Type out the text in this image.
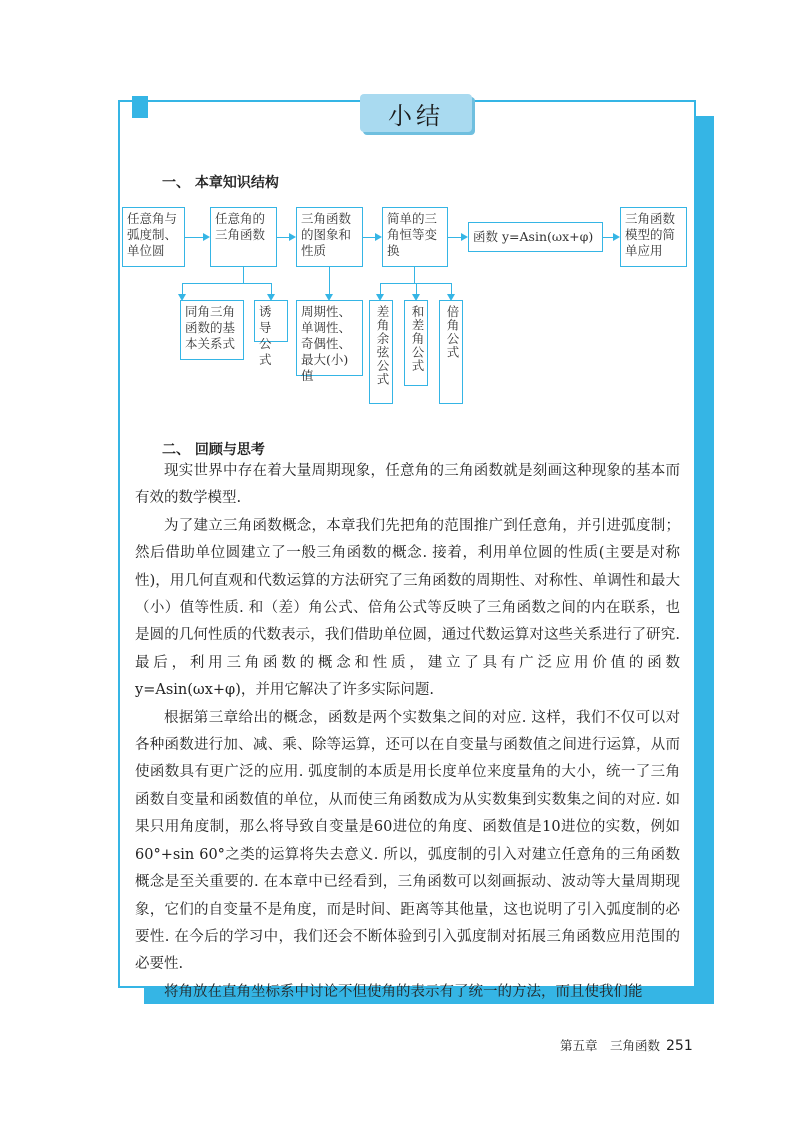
小结
一、 本章知识结构
任意角与弧度制、单位圆
任意角的三角函数
三角函数的图象和性质
简单的三角恒等变换
函数 y=Asin(ωx+φ)
三角函数模型的简单应用
同角三角函数的基本关系式
诱导公式
周期性、单调性、奇偶性、最大(小)值	差角余弦公式	和差角公式	倍角公式
二、 回顾与思考

现实世界中存在着大量周期现象，任意角的三角函数就是刻画这种现象的基本而有效的数学模型.

为了建立三角函数概念，本章我们先把角的范围推广到任意角，并引进弧度制；然后借助单位圆建立了一般三角函数的概念. 接着，利用单位圆的性质(主要是对称性)，用几何直观和代数运算的方法研究了三角函数的周期性、对称性、单调性和最大（小）值等性质. 和（差）角公式、倍角公式等反映了三角函数之间的内在联系，也是圆的几何性质的代数表示，我们借助单位圆，通过代数运算对这些关系进行了研究. 最后，利用三角函数的概念和性质，建立了具有广泛应用价值的函数 y=Asin(ωx+φ)，并用它解决了许多实际问题.

根据第三章给出的概念，函数是两个实数集之间的对应. 这样，我们不仅可以对各种函数进行加、减、乘、除等运算，还可以在自变量与函数值之间进行运算，从而使函数具有更广泛的应用. 弧度制的本质是用长度单位来度量角的大小，统一了三角函数自变量和函数值的单位，从而使三角函数成为从实数集到实数集之间的对应. 如果只用角度制，那么将导致自变量是60进位的角度、函数值是10进位的实数，例如60°+sin 60°之类的运算将失去意义. 所以，弧度制的引入对建立任意角的三角函数概念是至关重要的. 在本章中已经看到，三角函数可以刻画振动、波动等大量周期现象，它们的自变量不是角度，而是时间、距离等其他量，这也说明了引入弧度制的必要性. 在今后的学习中，我们还会不断体验到引入弧度制对拓展三角函数应用范围的必要性.

将角放在直角坐标系中讨论不但使角的表示有了统一的方法，而且使我们能

第五章　三角函数 251
